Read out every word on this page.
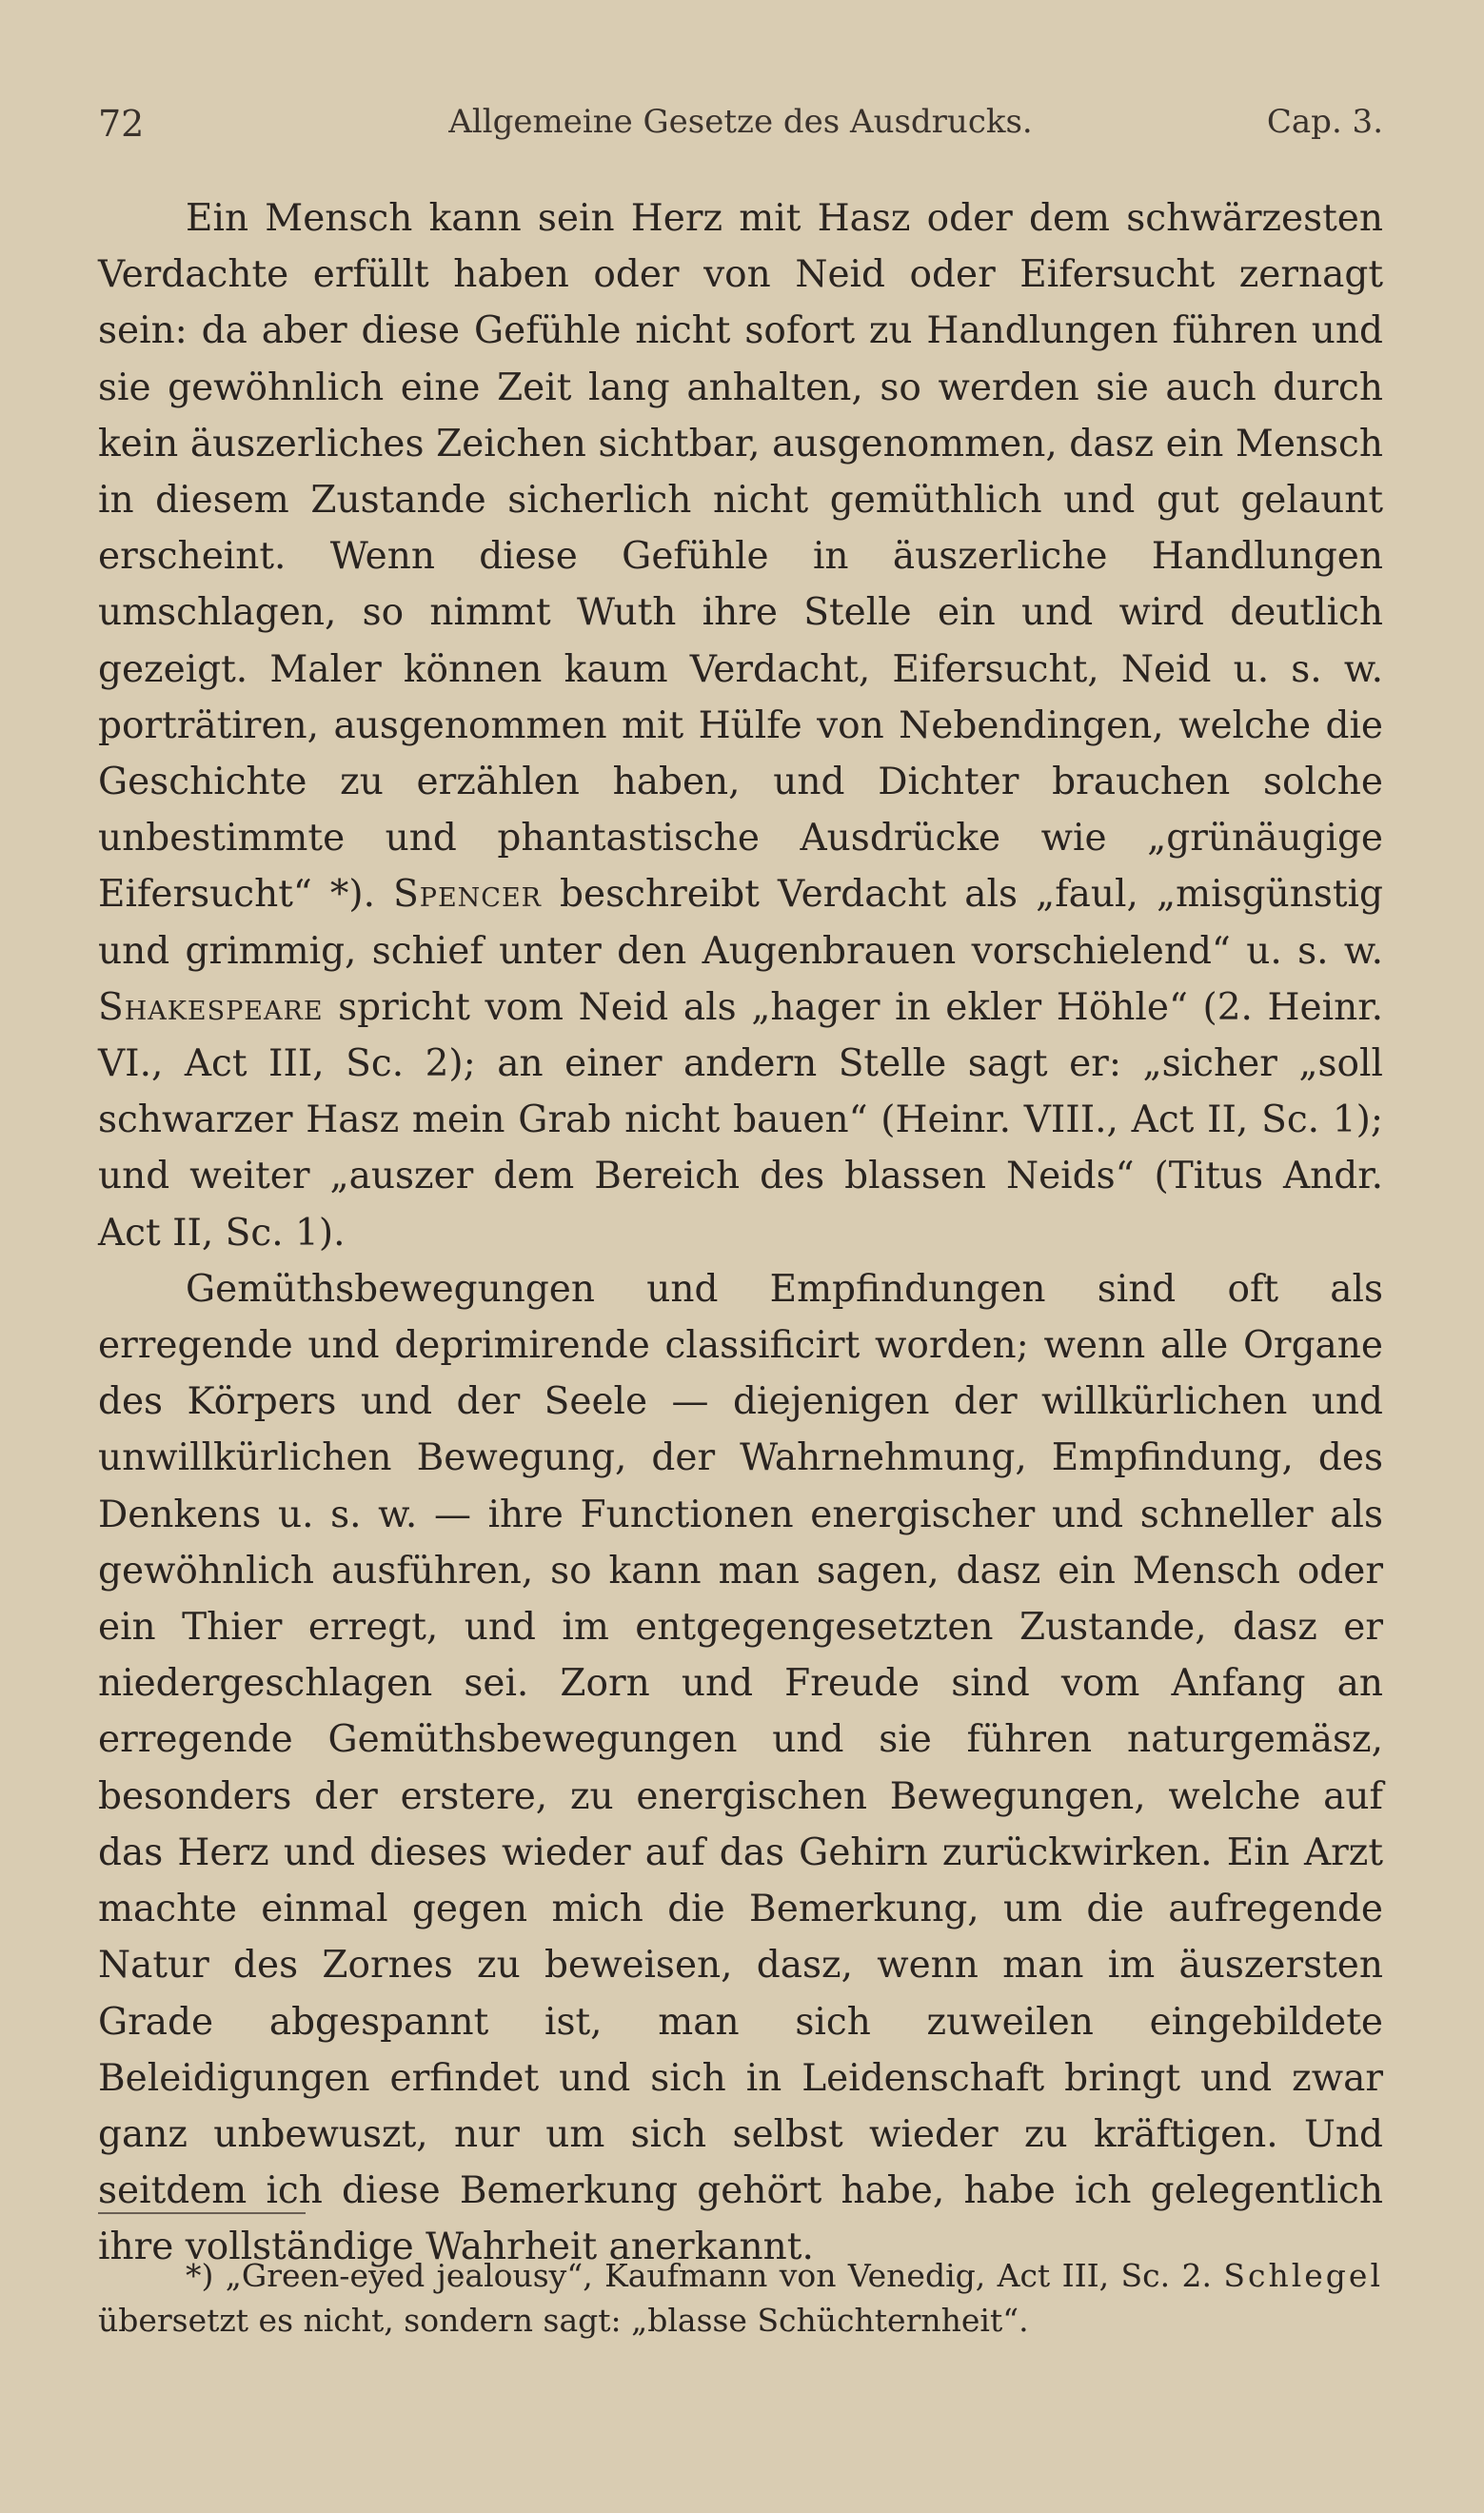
72	Allgemeine Gesetze des Ausdrucks.	Cap. 3.

Ein Mensch kann sein Herz mit Hasz oder dem schwärzesten Verdachte erfüllt haben oder von Neid oder Eifersucht zernagt sein: da aber diese Gefühle nicht sofort zu Handlungen führen und sie gewöhnlich eine Zeit lang anhalten, so werden sie auch durch kein äuszerliches Zeichen sichtbar, ausgenommen, dasz ein Mensch in diesem Zustande sicherlich nicht gemüthlich und gut gelaunt erscheint. Wenn diese Gefühle in äuszerliche Handlungen umschlagen, so nimmt Wuth ihre Stelle ein und wird deutlich gezeigt. Maler können kaum Verdacht, Eifersucht, Neid u. s. w. porträtiren, ausgenommen mit Hülfe von Nebendingen, welche die Geschichte zu erzählen haben, und Dichter brauchen solche unbestimmte und phantastische Ausdrücke wie „grünäugige Eifersucht“ *). Spencer beschreibt Verdacht als „faul, „misgünstig und grimmig, schief unter den Augenbrauen vorschielend“ u. s. w. Shakespeare spricht vom Neid als „hager in ekler Höhle“ (2. Heinr. VI., Act III, Sc. 2); an einer andern Stelle sagt er: „sicher „soll schwarzer Hasz mein Grab nicht bauen“ (Heinr. VIII., Act II, Sc. 1); und weiter „auszer dem Bereich des blassen Neids“ (Titus Andr. Act II, Sc. 1).

Gemüthsbewegungen und Empfindungen sind oft als erregende und deprimirende classificirt worden; wenn alle Organe des Körpers und der Seele — diejenigen der willkürlichen und unwillkürlichen Bewegung, der Wahrnehmung, Empfindung, des Denkens u. s. w. — ihre Functionen energischer und schneller als gewöhnlich ausführen, so kann man sagen, dasz ein Mensch oder ein Thier erregt, und im entgegengesetzten Zustande, dasz er niedergeschlagen sei. Zorn und Freude sind vom Anfang an erregende Gemüthsbewegungen und sie führen naturgemäsz, besonders der erstere, zu energischen Bewegungen, welche auf das Herz und dieses wieder auf das Gehirn zurückwirken. Ein Arzt machte einmal gegen mich die Bemerkung, um die aufregende Natur des Zornes zu beweisen, dasz, wenn man im äuszersten Grade abgespannt ist, man sich zuweilen eingebildete Beleidigungen erfindet und sich in Leidenschaft bringt und zwar ganz unbewuszt, nur um sich selbst wieder zu kräftigen. Und seitdem ich diese Bemerkung gehört habe, habe ich gelegentlich ihre vollständige Wahrheit anerkannt.

*) „Green-eyed jealousy“, Kaufmann von Venedig, Act III, Sc. 2. Schlegel übersetzt es nicht, sondern sagt: „blasse Schüchternheit“.
